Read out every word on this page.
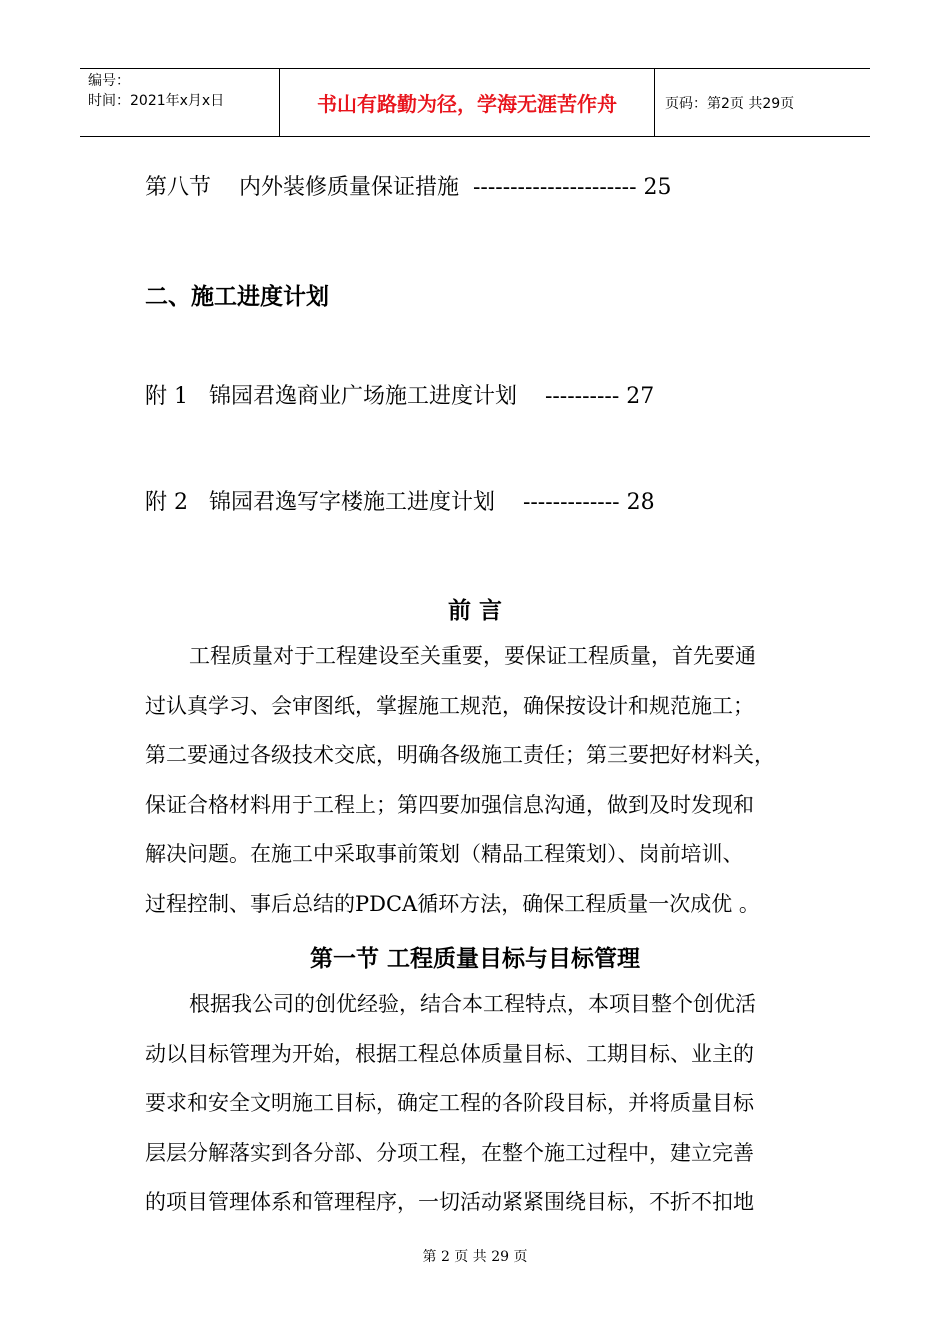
编号：
时间：2021年x月x日	书山有路勤为径，学海无涯苦作舟	页码：第2页 共29页
第八节    内外装修质量保证措施  ---------------------- 25
二、施工进度计划
附 1   锦园君逸商业广场施工进度计划    ---------- 27
附 2   锦园君逸写字楼施工进度计划    ------------- 28
前 言

工程质量对于工程建设至关重要，要保证工程质量，首先要通

过认真学习、会审图纸，掌握施工规范，确保按设计和规范施工；

第二要通过各级技术交底，明确各级施工责任；第三要把好材料关，

保证合格材料用于工程上；第四要加强信息沟通，做到及时发现和

解决问题。在施工中采取事前策划（精品工程策划）、岗前培训、

过程控制、事后总结的PDCA循环方法，确保工程质量一次成优 。

第一节 工程质量目标与目标管理

根据我公司的创优经验，结合本工程特点，本项目整个创优活

动以目标管理为开始，根据工程总体质量目标、工期目标、业主的

要求和安全文明施工目标，确定工程的各阶段目标，并将质量目标

层层分解落实到各分部、分项工程，在整个施工过程中，建立完善

的项目管理体系和管理程序，一切活动紧紧围绕目标，不折不扣地

第 2 页 共 29 页
